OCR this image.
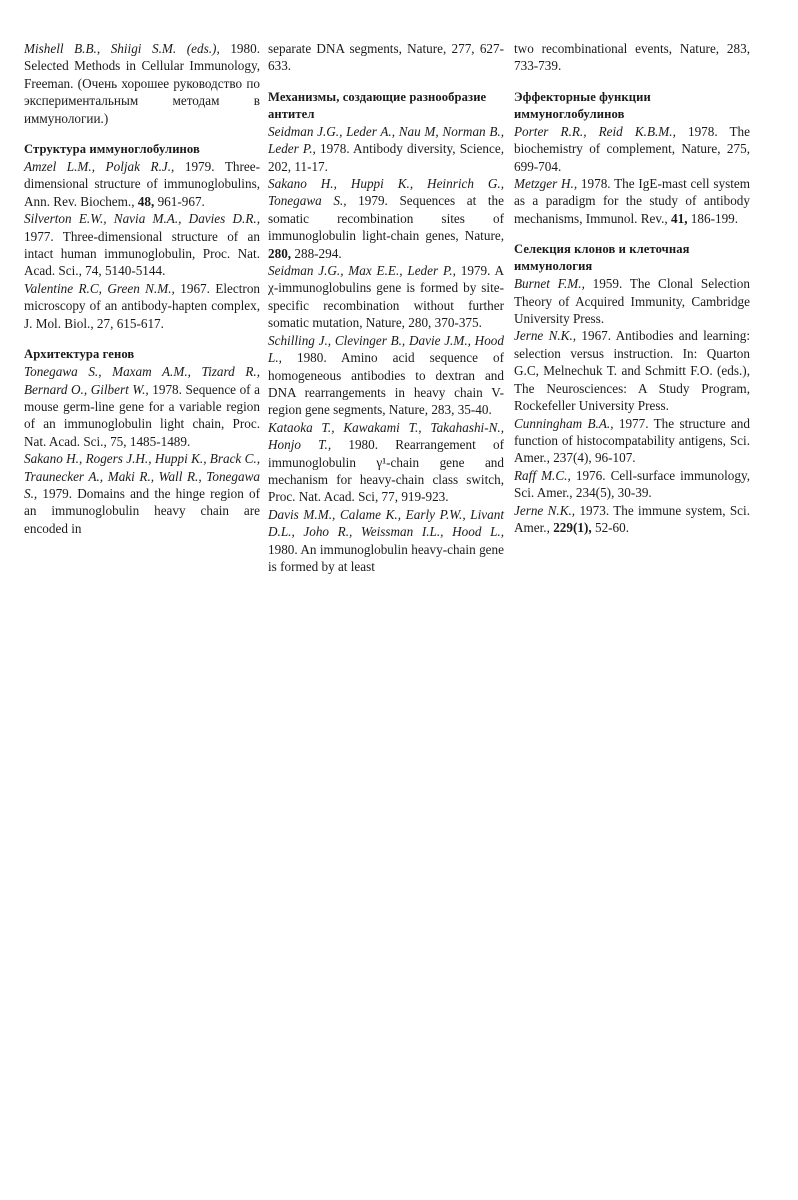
Mishell B.B., Shiigi S.M. (eds.), 1980. Selected Methods in Cellular Immunology, Freeman. (Очень хорошее руководство по экспериментальным методам в иммунологии.)

Структура иммуноглобулинов

Amzel L.M., Poljak R.J., 1979. Three-dimensional structure of immunoglobulins, Ann. Rev. Biochem., 48, 961-967.

Silverton E.W., Navia M.A., Davies D.R., 1977. Three-dimensional structure of an intact human immunoglobulin, Proc. Nat. Acad. Sci., 74, 5140-5144.

Valentine R.C, Green N.M., 1967. Electron microscopy of an antibody-hapten complex, J. Mol. Biol., 27, 615-617.

Архитектура генов

Tonegawa S., Maxam A.M., Tizard R., Bernard O., Gilbert W., 1978. Sequence of a mouse germ-line gene for a variable region of an immunoglobulin light chain, Proc. Nat. Acad. Sci., 75, 1485-1489.

Sakano H., Rogers J.H., Huppi K., Brack C., Traunecker A., Maki R., Wall R., Tonegawa S., 1979. Domains and the hinge region of an immunoglobulin heavy chain are encoded in

separate DNA segments, Nature, 277, 627-633.

Механизмы, создающие разнообразие антител

Seidman J.G., Leder A., Nau M, Norman B., Leder P., 1978. Antibody diversity, Science, 202, 11-17.

Sakano H., Huppi K., Heinrich G., Tonegawa S., 1979. Sequences at the somatic recombination sites of immunoglobulin light-chain genes, Nature, 280, 288-294.

Seidman J.G., Max E.E., Leder P., 1979. A χ-immunoglobulins gene is formed by site-specific recombination without further somatic mutation, Nature, 280, 370-375.

Schilling J., Clevinger B., Davie J.M., Hood L., 1980. Amino acid sequence of homogeneous antibodies to dextran and DNA rearrangements in heavy chain V-region gene segments, Nature, 283, 35-40.

Kataoka T., Kawakami T., Takahashi-N., Honjo T., 1980. Rearrangement of immunoglobulin γ¹-chain gene and mechanism for heavy-chain class switch, Proc. Nat. Acad. Sci, 77, 919-923.

Davis M.M., Calame K., Early P.W., Livant D.L., Joho R., Weissman I.L., Hood L., 1980. An immunoglobulin heavy-chain gene is formed by at least

two recombinational events, Nature, 283, 733-739.

Эффекторные функции иммуноглобулинов

Porter R.R., Reid K.B.M., 1978. The biochemistry of complement, Nature, 275, 699-704.

Metzger H., 1978. The IgE-mast cell system as a paradigm for the study of antibody mechanisms, Immunol. Rev., 41, 186-199.

Селекция клонов и клеточная иммунология

Burnet F.M., 1959. The Clonal Selection Theory of Acquired Immunity, Cambridge University Press.

Jerne N.K., 1967. Antibodies and learning: selection versus instruction. In: Quarton G.C, Melnechuk T. and Schmitt F.O. (eds.), The Neurosciences: A Study Program, Rockefeller University Press.

Cunningham B.A., 1977. The structure and function of histocompatability antigens, Sci. Amer., 237(4), 96-107.

Raff M.C., 1976. Cell-surface immunology, Sci. Amer., 234(5), 30-39.

Jerne N.K., 1973. The immune system, Sci. Amer., 229(1), 52-60.
